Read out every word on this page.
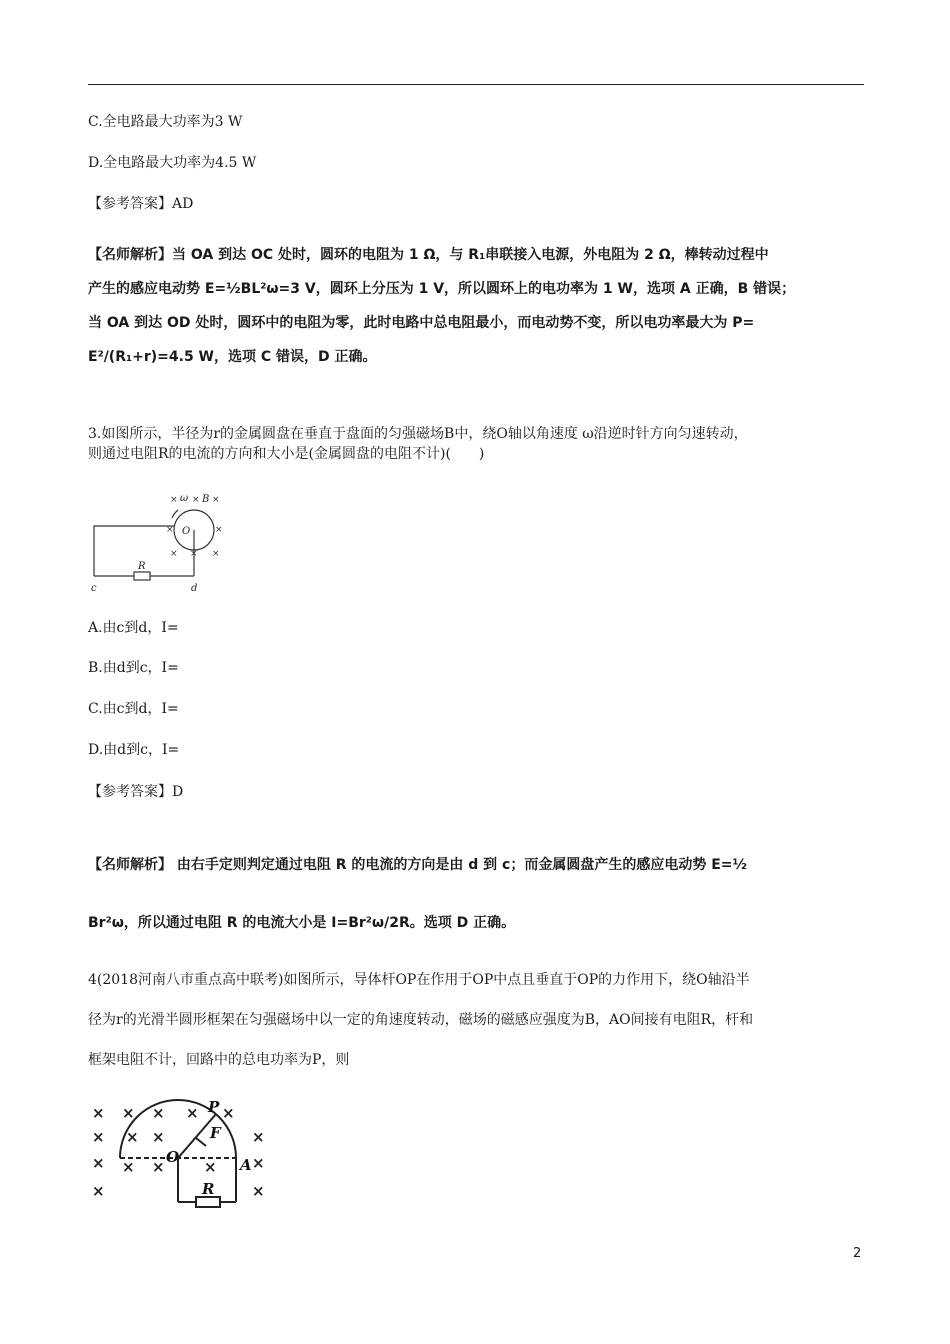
C.全电路最大功率为3 W
D.全电路最大功率为4.5 W
【参考答案】AD
【名师解析】当 OA 到达 OC 处时，圆环的电阻为 1 Ω，与 R₁串联接入电源，外电阻为 2 Ω，棒转动过程中
产生的感应电动势 E=½BL²ω=3 V，圆环上分压为 1 V，所以圆环上的电功率为 1 W，选项 A 正确，B 错误；
当 OA 到达 OD 处时，圆环中的电阻为零，此时电路中总电阻最小，而电动势不变，所以电功率最大为 P=
E²/(R₁+r)=4.5 W，选项 C 错误，D 正确。
3.如图所示，半径为r的金属圆盘在垂直于盘面的匀强磁场B中，绕O轴以角速度 ω沿逆时针方向匀速转动，
则通过电阻R的电流的方向和大小是(金属圆盘的电阻不计)(　　)
×	×
×	×
× × ×
×
ω B
O
R
c	d
A.由c到d，I=
B.由d到c，I=
C.由c到d，I=
D.由d到c，I=
【参考答案】D
【名师解析】 由右手定则判定通过电阻 R 的电流的方向是由 d 到 c；而金属圆盘产生的感应电动势 E=½
Br²ω，所以通过电阻 R 的电流大小是 I=Br²ω/2R。选项 D 正确。
4(2018河南八市重点高中联考)如图所示，导体杆OP在作用于OP中点且垂直于OP的力作用下，绕O轴沿半
径为r的光滑半圆形框架在匀强磁场中以一定的角速度转动，磁场的磁感应强度为B，AO间接有电阻R，杆和
框架电阻不计，回路中的总电功率为P，则
× × × × ×
× × ×	×
×	×
×
× ×	×
×
P
F
O	A
R
2
